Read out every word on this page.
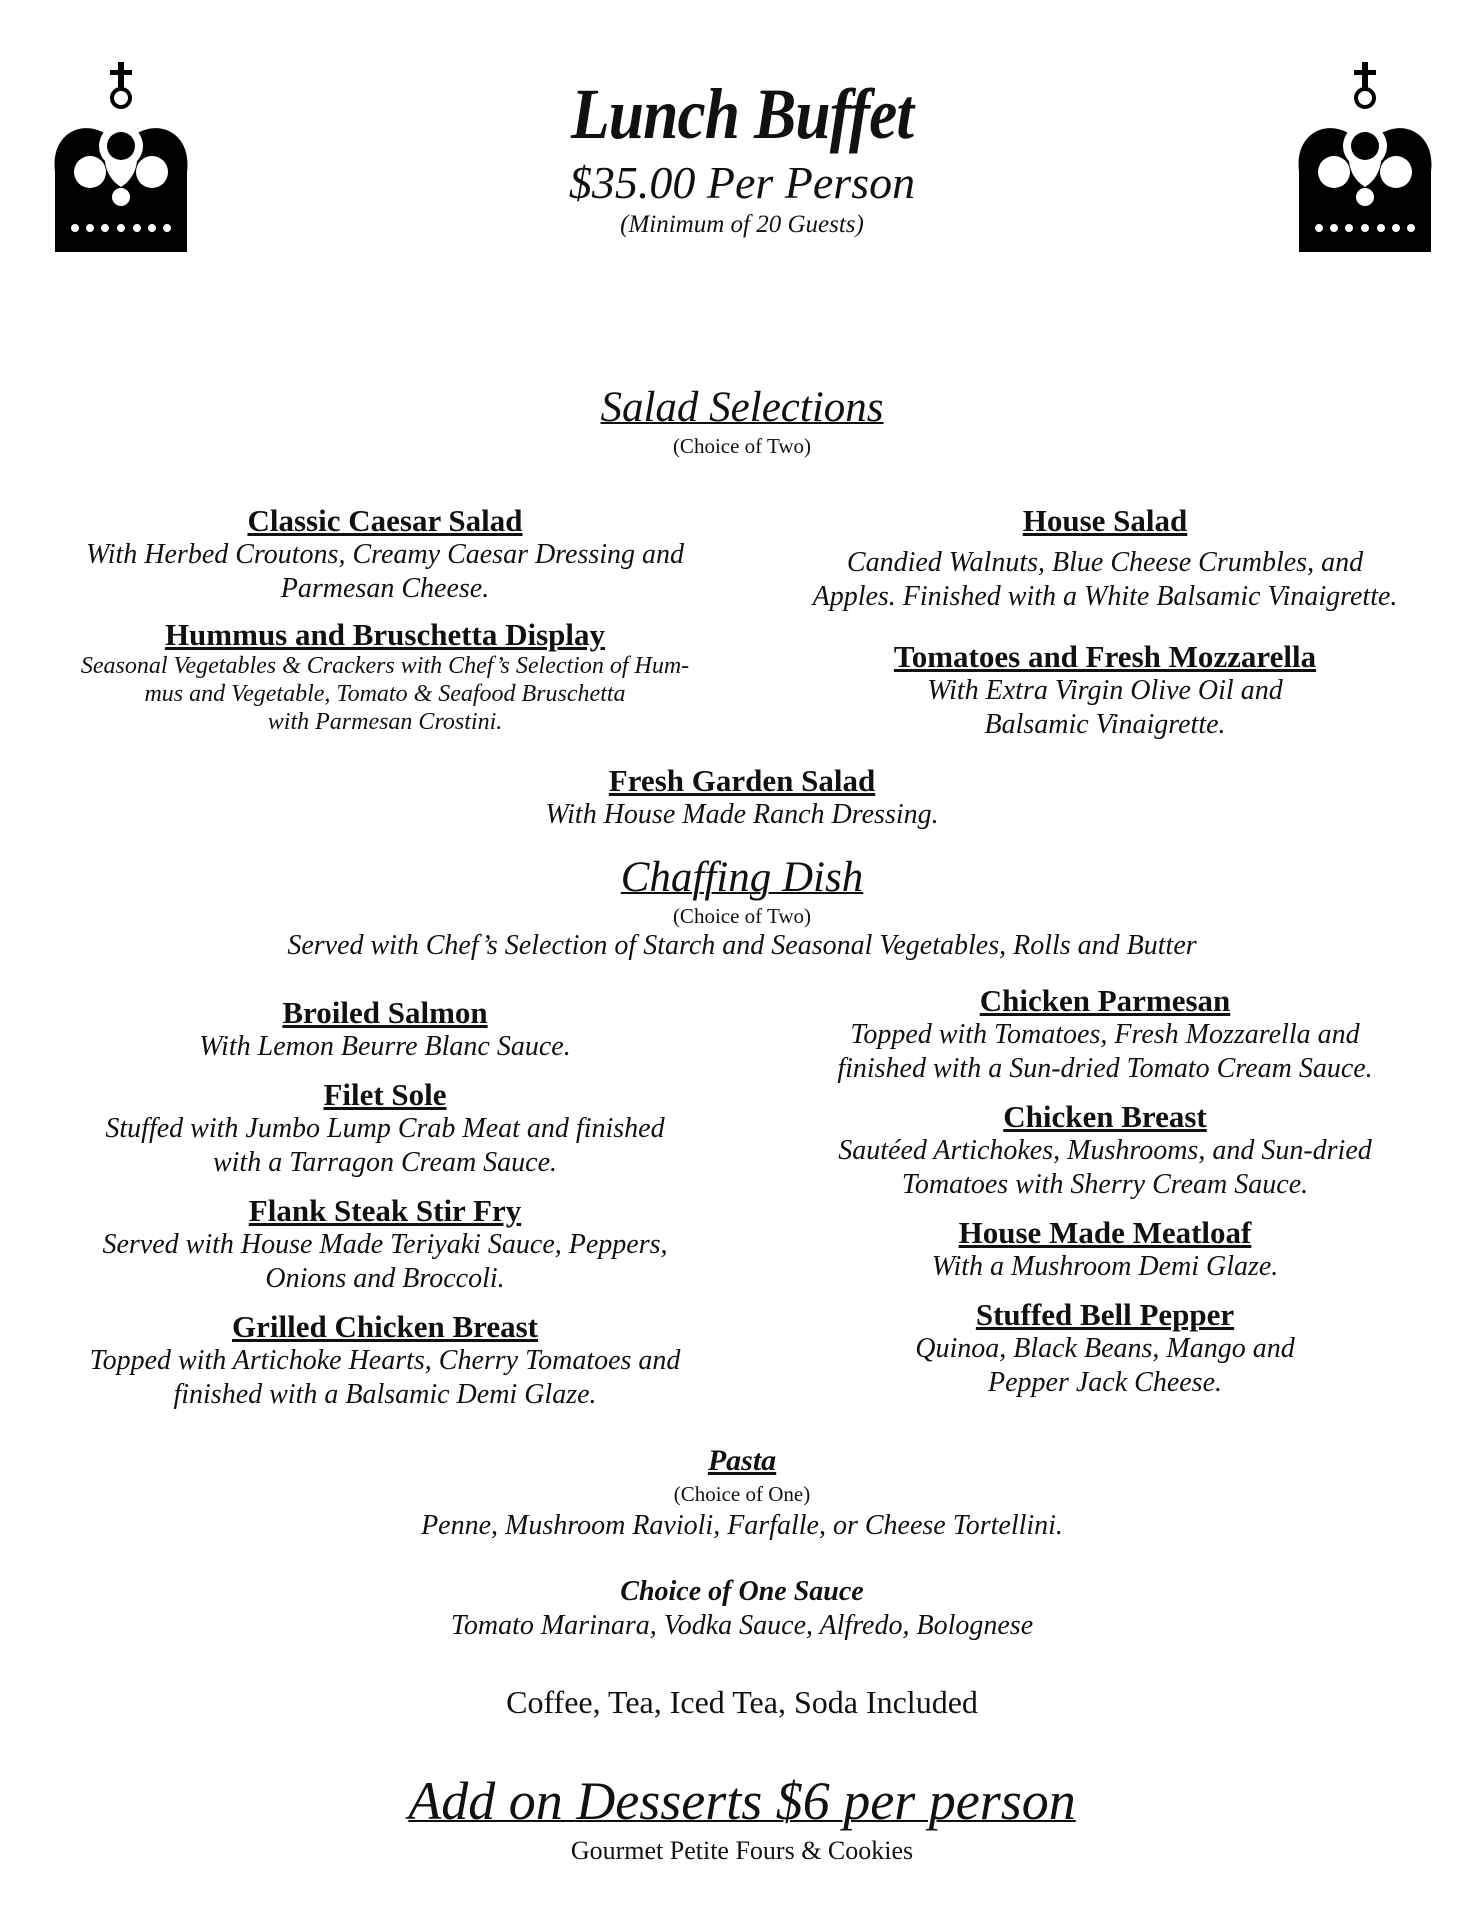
Lunch Buffet
$35.00 Per Person
(Minimum of 20 Guests)
Salad Selections
(Choice of Two)
Classic Caesar Salad
With Herbed Croutons, Creamy Caesar Dressing and
Parmesan Cheese.
House Salad
Candied Walnuts, Blue Cheese Crumbles, and
Apples. Finished with a White Balsamic Vinaigrette.
Hummus and Bruschetta Display
Seasonal Vegetables & Crackers with Chef’s Selection of Hum-
mus and Vegetable, Tomato & Seafood Bruschetta
with Parmesan Crostini.
Tomatoes and Fresh Mozzarella
With Extra Virgin Olive Oil and
Balsamic Vinaigrette.
Fresh Garden Salad
With House Made Ranch Dressing.
Chaffing Dish
(Choice of Two)
Served with Chef’s Selection of Starch and Seasonal Vegetables, Rolls and Butter
Broiled Salmon
With Lemon Beurre Blanc Sauce.
Filet Sole
Stuffed with Jumbo Lump Crab Meat and finished
with a Tarragon Cream Sauce.
Flank Steak Stir Fry
Served with House Made Teriyaki Sauce, Peppers,
Onions and Broccoli.
Grilled Chicken Breast
Topped with Artichoke Hearts, Cherry Tomatoes and
finished with a Balsamic Demi Glaze.
Chicken Parmesan
Topped with Tomatoes, Fresh Mozzarella and
finished with a Sun-dried Tomato Cream Sauce.
Chicken Breast
Sautéed Artichokes, Mushrooms, and Sun-dried
Tomatoes with Sherry Cream Sauce.
House Made Meatloaf
With a Mushroom Demi Glaze.
Stuffed Bell Pepper
Quinoa, Black Beans, Mango and
Pepper Jack Cheese.
Pasta
(Choice of One)
Penne, Mushroom Ravioli, Farfalle, or Cheese Tortellini.
Choice of One Sauce
Tomato Marinara, Vodka Sauce, Alfredo, Bolognese
Coffee, Tea, Iced Tea, Soda Included
Add on Desserts $6 per person
Gourmet Petite Fours & Cookies
